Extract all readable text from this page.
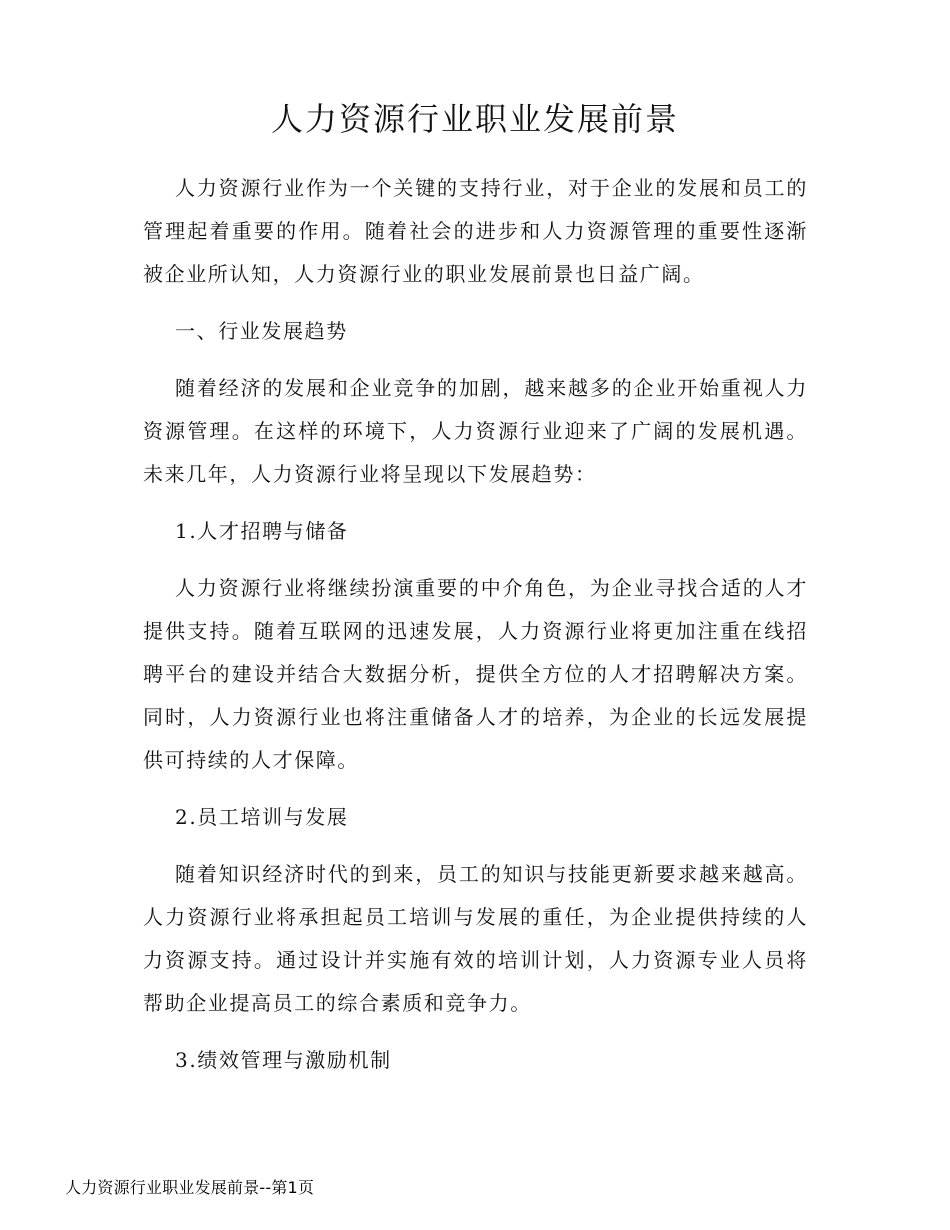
人力资源行业职业发展前景

人力资源行业作为一个关键的支持行业，对于企业的发展和员工的管理起着重要的作用。随着社会的进步和人力资源管理的重要性逐渐被企业所认知，人力资源行业的职业发展前景也日益广阔。

一、行业发展趋势

随着经济的发展和企业竞争的加剧，越来越多的企业开始重视人力资源管理。在这样的环境下，人力资源行业迎来了广阔的发展机遇。未来几年，人力资源行业将呈现以下发展趋势：

1.人才招聘与储备

人力资源行业将继续扮演重要的中介角色，为企业寻找合适的人才提供支持。随着互联网的迅速发展，人力资源行业将更加注重在线招聘平台的建设并结合大数据分析，提供全方位的人才招聘解决方案。同时，人力资源行业也将注重储备人才的培养，为企业的长远发展提供可持续的人才保障。

2.员工培训与发展

随着知识经济时代的到来，员工的知识与技能更新要求越来越高。人力资源行业将承担起员工培训与发展的重任，为企业提供持续的人力资源支持。通过设计并实施有效的培训计划，人力资源专业人员将帮助企业提高员工的综合素质和竞争力。

3.绩效管理与激励机制

人力资源行业职业发展前景--第1页
